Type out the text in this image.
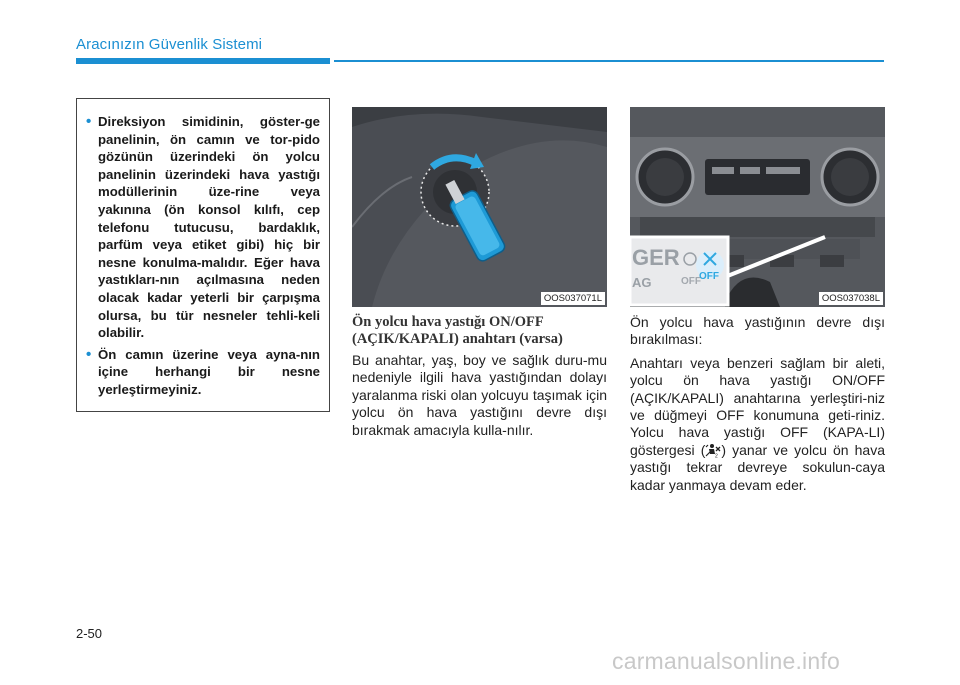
Aracınızın Güvenlik Sistemi
• Direksiyon simidinin, göster-ge panelinin, ön camın ve tor-pido gözünün üzerindeki ön yolcu panelinin üzerindeki hava yastığı modüllerinin üze-rine veya yakınına (ön konsol kılıfı, cep telefonu tutucusu, bardaklık, parfüm veya etiket gibi) hiç bir nesne konulma-malıdır. Eğer hava yastıkları-nın açılmasına neden olacak kadar yeterli bir çarpışma olursa, bu tür nesneler tehli-keli olabilir.
• Ön camın üzerine veya ayna-nın içine herhangi bir nesne yerleştirmeyiniz.
OOS037071L
GER
AG	OFF
OFF
OOS037038L
Ön yolcu hava yastığı ON/OFF
(AÇIK/KAPALI) anahtarı (varsa)

Bu anahtar, yaş, boy ve sağlık duru-mu nedeniyle ilgili hava yastığından dolayı yaralanma riski olan yolcuyu taşımak için yolcu ön hava yastığını devre dışı bırakmak amacıyla kulla-nılır.

Ön yolcu hava yastığının devre dışı bırakılması:

Anahtarı veya benzeri sağlam bir aleti, yolcu ön hava yastığı ON/OFF (AÇIK/KAPALI) anahtarına yerleştiri-niz ve düğmeyi OFF konumuna geti-riniz. Yolcu hava yastığı OFF (KAPA-LI) göstergesi ( 2 ) yanar ve yolcu ön hava yastığı tekrar devreye sokulun-caya kadar yanmaya devam eder.

2-50
carmanualsonline.info
